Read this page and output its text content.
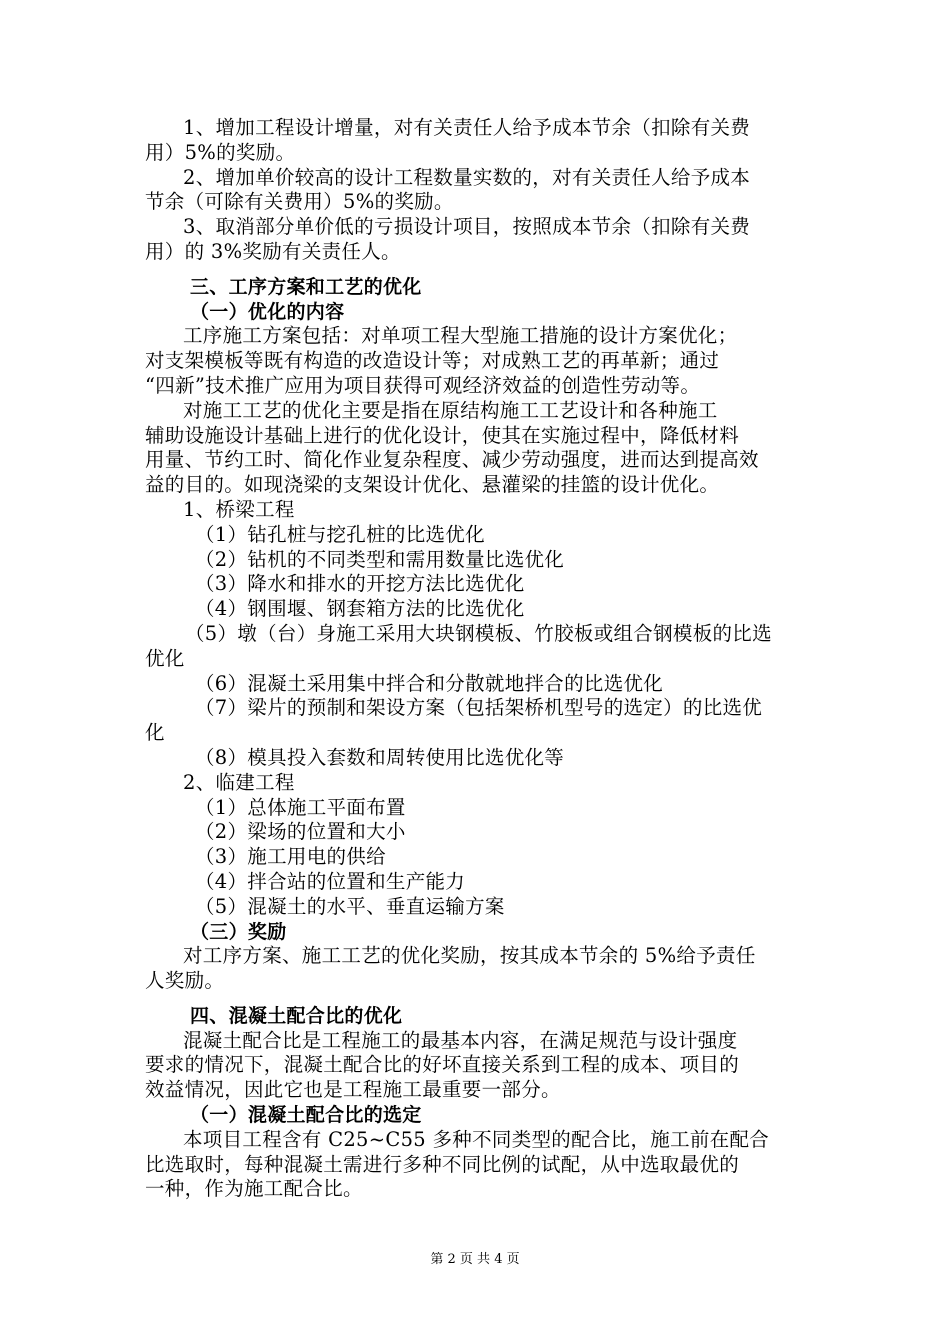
1、增加工程设计增量，对有关责任人给予成本节余（扣除有关费
用）5%的奖励。
2、增加单价较高的设计工程数量实数的，对有关责任人给予成本
节余（可除有关费用）5%的奖励。
3、取消部分单价低的亏损设计项目，按照成本节余（扣除有关费
用）的 3%奖励有关责任人。
三、工序方案和工艺的优化
（一）优化的内容
工序施工方案包括：对单项工程大型施工措施的设计方案优化；
对支架模板等既有构造的改造设计等；对成熟工艺的再革新；通过
“四新”技术推广应用为项目获得可观经济效益的创造性劳动等。
对施工工艺的优化主要是指在原结构施工工艺设计和各种施工
辅助设施设计基础上进行的优化设计，使其在实施过程中，降低材料
用量、节约工时、简化作业复杂程度、减少劳动强度，进而达到提高效
益的目的。如现浇梁的支架设计优化、悬灌梁的挂篮的设计优化。
1、桥梁工程
（1）钻孔桩与挖孔桩的比选优化
（2）钻机的不同类型和需用数量比选优化
（3）降水和排水的开挖方法比选优化
（4）钢围堰、钢套箱方法的比选优化
（5）墩（台）身施工采用大块钢模板、竹胶板或组合钢模板的比选
优化
（6）混凝土采用集中拌合和分散就地拌合的比选优化
（7）梁片的预制和架设方案（包括架桥机型号的选定）的比选优
化
（8）模具投入套数和周转使用比选优化等
2、临建工程
（1）总体施工平面布置
（2）梁场的位置和大小
（3）施工用电的供给
（4）拌合站的位置和生产能力
（5）混凝土的水平、垂直运输方案
（三）奖励
对工序方案、施工工艺的优化奖励，按其成本节余的 5%给予责任
人奖励。
四、混凝土配合比的优化
混凝土配合比是工程施工的最基本内容，在满足规范与设计强度
要求的情况下，混凝土配合比的好坏直接关系到工程的成本、项目的
效益情况，因此它也是工程施工最重要一部分。
（一）混凝土配合比的选定
本项目工程含有 C25~C55 多种不同类型的配合比，施工前在配合
比选取时，每种混凝土需进行多种不同比例的试配，从中选取最优的
一种，作为施工配合比。
第 2 页 共 4 页
